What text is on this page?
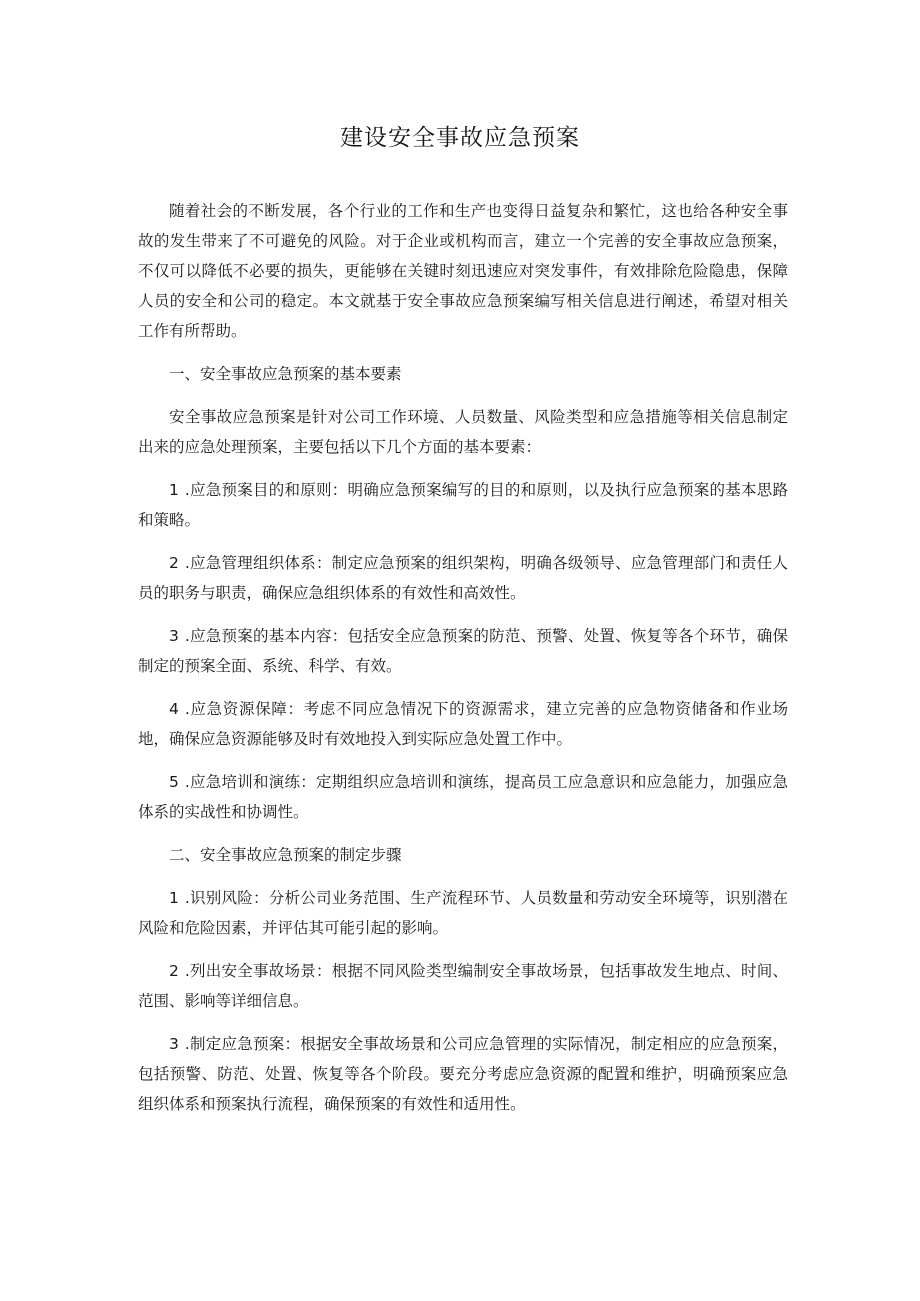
建设安全事故应急预案

随着社会的不断发展，各个行业的工作和生产也变得日益复杂和繁忙，这也给各种安全事故的发生带来了不可避免的风险。对于企业或机构而言，建立一个完善的安全事故应急预案，不仅可以降低不必要的损失，更能够在关键时刻迅速应对突发事件，有效排除危险隐患，保障人员的安全和公司的稳定。本文就基于安全事故应急预案编写相关信息进行阐述，希望对相关工作有所帮助。

一、安全事故应急预案的基本要素

安全事故应急预案是针对公司工作环境、人员数量、风险类型和应急措施等相关信息制定出来的应急处理预案，主要包括以下几个方面的基本要素：

1 .应急预案目的和原则：明确应急预案编写的目的和原则，以及执行应急预案的基本思路和策略。

2 .应急管理组织体系：制定应急预案的组织架构，明确各级领导、应急管理部门和责任人员的职务与职责，确保应急组织体系的有效性和高效性。

3 .应急预案的基本内容：包括安全应急预案的防范、预警、处置、恢复等各个环节，确保制定的预案全面、系统、科学、有效。

4 .应急资源保障：考虑不同应急情况下的资源需求，建立完善的应急物资储备和作业场地，确保应急资源能够及时有效地投入到实际应急处置工作中。

5 .应急培训和演练：定期组织应急培训和演练，提高员工应急意识和应急能力，加强应急体系的实战性和协调性。

二、安全事故应急预案的制定步骤

1 .识别风险：分析公司业务范围、生产流程环节、人员数量和劳动安全环境等，识别潜在风险和危险因素，并评估其可能引起的影响。

2 .列出安全事故场景：根据不同风险类型编制安全事故场景，包括事故发生地点、时间、范围、影响等详细信息。

3 .制定应急预案：根据安全事故场景和公司应急管理的实际情况，制定相应的应急预案，包括预警、防范、处置、恢复等各个阶段。要充分考虑应急资源的配置和维护，明确预案应急组织体系和预案执行流程，确保预案的有效性和适用性。
